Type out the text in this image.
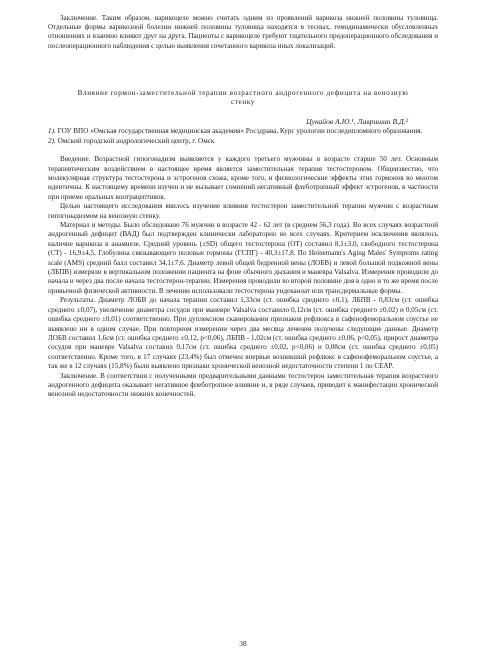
Заключение. Таким образом, варикоцеле можно считать одним из проявлений варикоза нижней половины туловища. Отдельные формы варикозной болезни нижней половины туловища находятся в тесных, гемодинамически обусловленных отношениях и взаимно влияют друг на друга. Пациенты с варикоцеле требуют тщательного предоперационного обследования и послеоперационного наблюдения с целью выявления сочетанного варикоза иных локализаций.

Влияние гормон-заместительной терапии возрастного андрогенного дефицита на венозную стенку

Цукайов А.Ю.¹, Лавришин В.Д.²

1). ГОУ ВПО «Омская государственная медицинская академия» Росздрава, Курс урологии последипломного образования.

2). Омский городской андрологический центр, г. Омск

Введение. Возрастной гипогонадизм выявляется у каждого третьего мужчины в возрасте старше 50 лет. Основным терапевтическим воздействием в настоящее время является заместительная терапия тестостероном. Общеизвестно, что молекулярная структура тестостерона и эстрогенов схожа, кроме того, и физиологические эффекты этих гормонов во многом идентичны. К настоящему времени изучен и не вызывает сомнений негативный флеботропный эффект эстрогенов, в частности при приеме оральных контрацептивов.

Целью настоящего исследования явилось изучение влияния тестостерон заместительной терапии мужчин с возрастным гипогонадизмом на венозную стенку.

Материал и методы. Было обследовано 76 мужчин в возрасте 42 - 62 лет (в среднем 56,3 года). Во всех случаях возрастной андрогенный дефицит (ВАД) был подтвержден клинически лабораторно во всех случаях. Критерием исключения являлось наличие варикоза в анамнезе. Средний уровень (±SD) общего тестостерона (ОТ) составил 8,1±3,0, свободного тестостерона (СТ) - 16,9±4,5, Глобулина связывающего половые гормоны (ГСПГ) - 40,3±17,8. По Heinemann's Aging Males' Symptoms rating scale (AMS) средний балл составил 34,1±7,6. Диаметр левой общей бедренной вены (ЛОБВ) и левой большой подкожной вены (ЛБПВ) измеряли в вертикальном положении пациента на фоне обычного дыхания и маневра Valsalva. Измерения проводили до начала и через два после начала тестостерон-терапии. Измерения проводили во второй половине дня в одно и то же время после привычной физической активности. В лечении использовали тестостерона ундеканоат или трансдермальные формы.

Результаты. Диаметр ЛОБВ до начала терапии составил 1,33см (ст. ошибка среднего ±0,1), ЛБПВ - 0,83см (ст. ошибка среднего ±0,07), увеличение диаметра сосудов при маневре Valsalva составило 0,12см (ст. ошибка среднего ±0,02) и 0,05см (ст. ошибка среднего ±0,01) соответственно. При дуплексном сканировании признаков рефлюкса в сафенофеморальном соустье не выявлено ни в одном случае. При повторном измерении через два месяца лечения получены следующие данные. Диаметр ЛОБВ составил 1,6см (ст. ошибка среднего ±0,12, p<0,06), ЛБПВ - 1,02см (ст. ошибка среднего ±0,06, p<0,05), прирост диаметра сосудов при маневре Valsalva составил 0,17см (ст. ошибка среднего ±0,02, p<0,06) и 0,08см (ст. ошибка среднего ±0,05) соответственно. Кроме того, в 17 случаях (23,4%) был отмечен впервые возникший рефлюкс в сафенофеморальном соустье, а так же в 12 случаях (15,8%) были выявлено признаки хронической венозной недостаточности степени 1 по CEAP.

Заключение. В соответствии с полученными предварительными данными тестостерон заместительная терапия возрастного андрогенного дефицита оказывает негативное флеботропное влияние и, в ряде случаев, приводит к манифестации хронической венозной недостаточности нижних конечностей.

38
